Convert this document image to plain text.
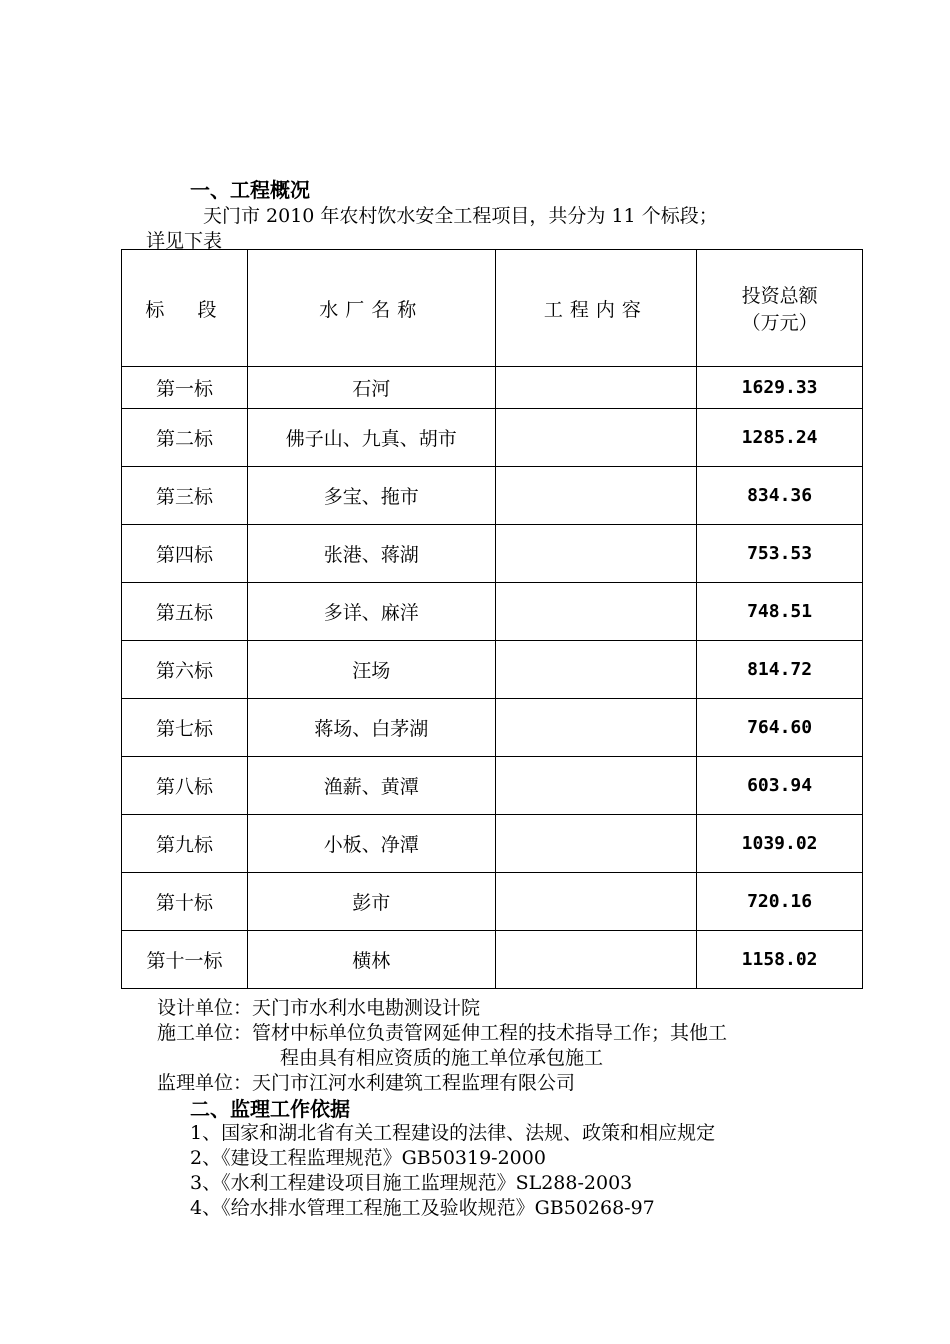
一、工程概况
天门市 2010 年农村饮水安全工程项目，共分为 11 个标段；
详见下表
标  段	水厂名称	工程内容	投资总额
（万元）

第一标	石河		1629.33
第二标	佛子山、九真、胡市		1285.24
第三标	多宝、拖市		834.36
第四标	张港、蒋湖		753.53
第五标	多详、麻洋		748.51
第六标	汪场		814.72
第七标	蒋场、白茅湖		764.60
第八标	渔薪、黄潭		603.94
第九标	小板、净潭		1039.02
第十标	彭市		720.16
第十一标	横林		1158.02
设计单位：天门市水利水电勘测设计院
施工单位：管材中标单位负责管网延伸工程的技术指导工作；其他工
程由具有相应资质的施工单位承包施工
监理单位：天门市江河水利建筑工程监理有限公司
二、监理工作依据
1、国家和湖北省有关工程建设的法律、法规、政策和相应规定
2、《建设工程监理规范》GB50319-2000
3、《水利工程建设项目施工监理规范》SL288-2003
4、《给水排水管理工程施工及验收规范》GB50268-97
